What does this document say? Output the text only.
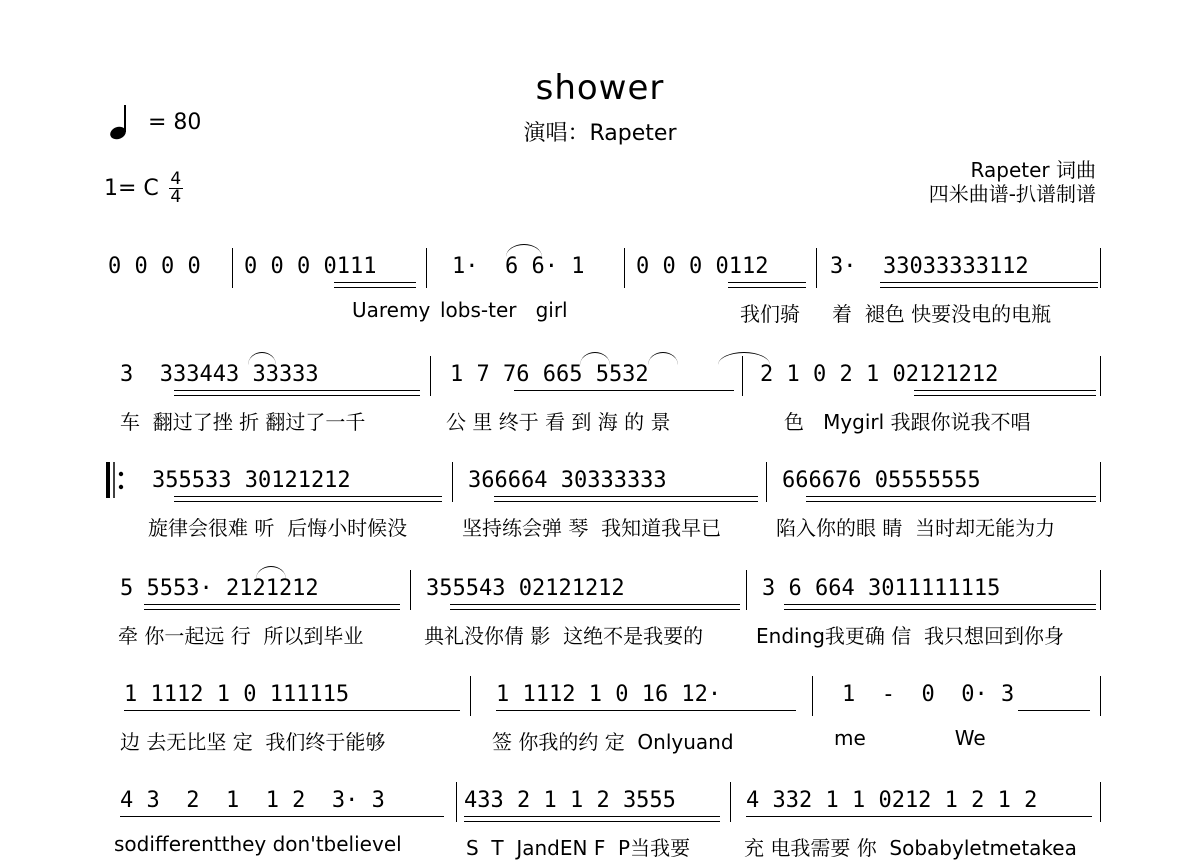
shower
演唱：Rapeter
= 80
1= C $\frac{4}{4}$
Rapeter 词曲
四米曲谱-扒谱制谱
0 0 0 0 0 0 0 0111
Uaremy
1·  6 6· 1
lobs-ter   girl
0 0 0 0112
我们骑
3·  33033333112
着  褪色 快要没电的电瓶
3  333443 33333
车  翻过了挫 折 翻过了一千
1 7 76 665 5532
公 里 终于 看 到 海 的 景
2 1 0 2 1 02121212
色   Mygirl 我跟你说我不唱
355533 30121212
旋律会很难 听  后悔小时候没
366664 30333333
坚持练会弹 琴  我知道我早已
666676 05555555
陷入你的眼 睛  当时却无能为力
5 5553· 2121212
牵 你一起远 行  所以到毕业
355543 02121212
典礼没你倩 影  这绝不是我要的
3 6 664 3011111115
Ending我更确 信  我只想回到你身
1 1112 1 0 111115
边 去无比坚 定  我们终于能够
1 1112 1 0 16 12·
签 你我的约 定  Onlyuand
1  -  0  0· 3
me              We
4 3  2  1  1 2  3· 3
sodifferentthey don'tbelievel
433 2 1 1 2 3555
S  T  JandEN F  P当我要
4 332 1 1 0212 1 2 1 2
充 电我需要 你  Sobabyletmetakea
